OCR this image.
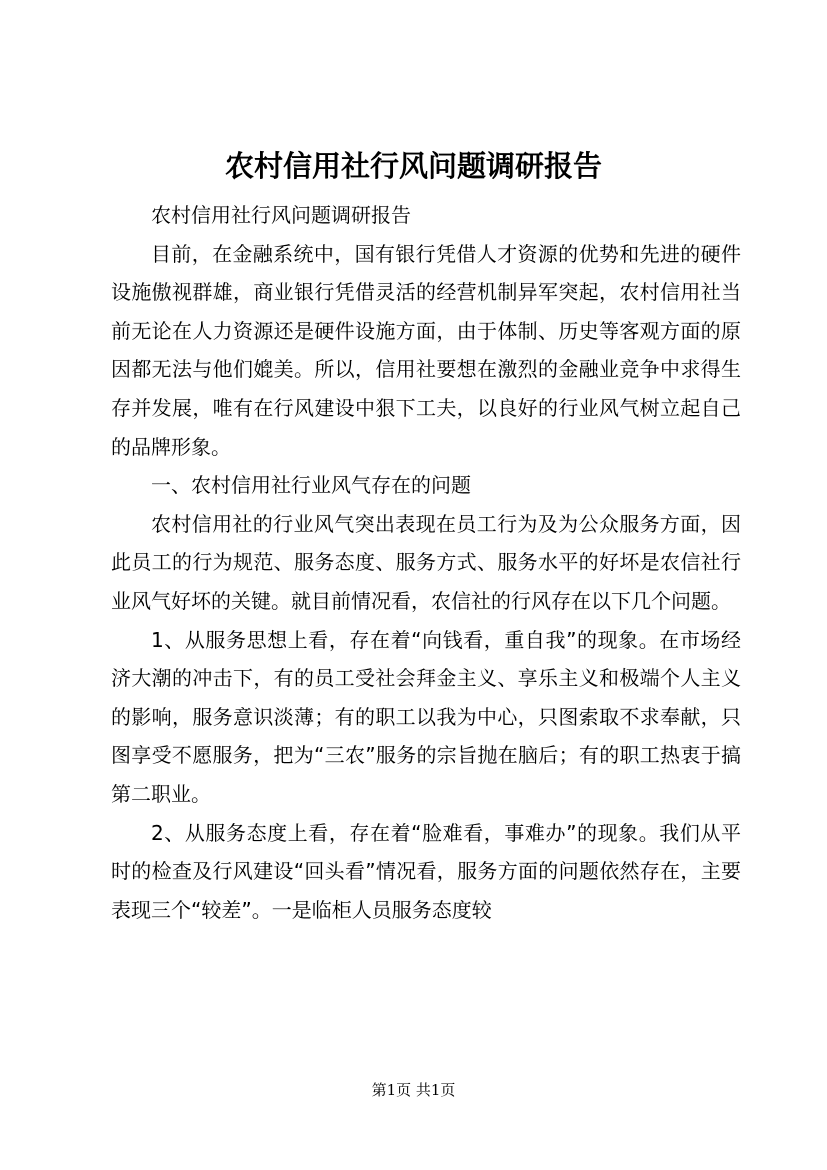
农村信用社行风问题调研报告

农村信用社行风问题调研报告

目前，在金融系统中，国有银行凭借人才资源的优势和先进的硬件设施傲视群雄，商业银行凭借灵活的经营机制异军突起，农村信用社当前无论在人力资源还是硬件设施方面，由于体制、历史等客观方面的原因都无法与他们媲美。所以，信用社要想在激烈的金融业竞争中求得生存并发展，唯有在行风建设中狠下工夫，以良好的行业风气树立起自己的品牌形象。

一、农村信用社行业风气存在的问题

农村信用社的行业风气突出表现在员工行为及为公众服务方面，因此员工的行为规范、服务态度、服务方式、服务水平的好坏是农信社行业风气好坏的关键。就目前情况看，农信社的行风存在以下几个问题。

1、从服务思想上看，存在着“向钱看，重自我”的现象。在市场经济大潮的冲击下，有的员工受社会拜金主义、享乐主义和极端个人主义的影响，服务意识淡薄；有的职工以我为中心，只图索取不求奉献，只图享受不愿服务，把为“三农”服务的宗旨抛在脑后；有的职工热衷于搞第二职业。

2、从服务态度上看，存在着“脸难看，事难办”的现象。我们从平时的检查及行风建设“回头看”情况看，服务方面的问题依然存在，主要表现三个“较差”。一是临柜人员服务态度较

第1页 共1页
